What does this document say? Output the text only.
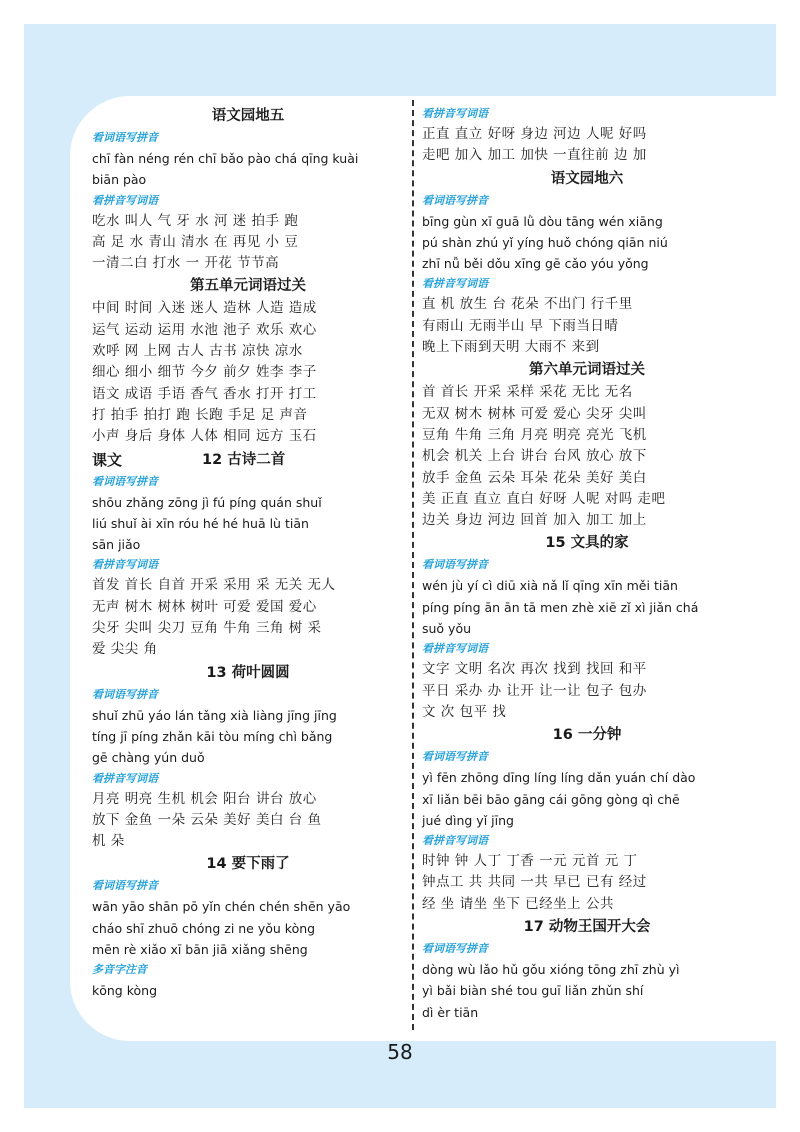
语文园地五
看词语写拼音
chī fàn néng rén chī bǎo pào chá qīng kuài
biān pào
看拼音写词语
吃水 叫人 气 牙 水 河 迷 拍手 跑
高 足 水 青山 清水 在 再见 小 豆
一清二白 打水 一 开花 节节高
第五单元词语过关
中间 时间 入迷 迷人 造林 人造 造成
运气 运动 运用 水池 池子 欢乐 欢心
欢呼 网 上网 古人 古书 凉快 凉水
细心 细小 细节 今夕 前夕 姓李 李子
语文 成语 手语 香气 香水 打开 打工
打 拍手 拍打 跑 长跑 手足 足 声音
小声 身后 身体 人体 相同 远方 玉石
课文	12 古诗二首
看词语写拼音
shōu zhǎng zōng jì fú píng quán shuǐ
liú shuǐ ài xīn róu hé hé huā lù tiān
sān jiǎo
看拼音写词语
首发 首长 自首 开采 采用 采 无关 无人
无声 树木 树林 树叶 可爱 爱国 爱心
尖牙 尖叫 尖刀 豆角 牛角 三角 树 采
爱 尖尖 角
13 荷叶圆圆
看词语写拼音
shuǐ zhū yáo lán tǎng xià liàng jīng jīng
tíng jī píng zhǎn kāi tòu míng chì bǎng
gē chàng yún duǒ
看拼音写词语
月亮 明亮 生机 机会 阳台 讲台 放心
放下 金鱼 一朵 云朵 美好 美白 台 鱼
机 朵
14 要下雨了
看词语写拼音
wān yāo shān pō yǐn chén chén shēn yāo
cháo shī zhuō chóng zi ne yǒu kòng
mēn rè xiǎo xī bān jiā xiǎng shēng
多音字注音
kōng kòng
看拼音写词语
正直 直立 好呀 身边 河边 人呢 好吗
走吧 加入 加工 加快 一直往前 边 加
语文园地六
看词语写拼音
bīng gùn xī guā lǜ dòu tāng wén xiāng
pú shàn zhú yǐ yíng huǒ chóng qiān niú
zhī nǚ běi dǒu xīng gē cǎo yóu yǒng
看拼音写词语
直 机 放生 台 花朵 不出门 行千里
有雨山 无雨半山 早 下雨当日晴
晚上下雨到天明 大雨不 来到
第六单元词语过关
首 首长 开采 采样 采花 无比 无名
无双 树木 树林 可爱 爱心 尖牙 尖叫
豆角 牛角 三角 月亮 明亮 亮光 飞机
机会 机关 上台 讲台 台风 放心 放下
放手 金鱼 云朵 耳朵 花朵 美好 美白
美 正直 直立 直白 好呀 人呢 对吗 走吧
边关 身边 河边 回首 加入 加工 加上
15 文具的家
看词语写拼音
wén jù yí cì diū xià nǎ lǐ qīng xīn měi tiān
píng píng ān ān tā men zhè xiē zǐ xì jiǎn chá
suǒ yǒu
看拼音写词语
文字 文明 名次 再次 找到 找回 和平
平日 采办 办 让开 让一让 包子 包办
文 次 包平 找
16 一分钟
看词语写拼音
yì fēn zhōng dīng líng líng dǎn yuán chí dào
xī liǎn bēi bāo gāng cái gōng gòng qì chē
jué dìng yǐ jīng
看拼音写词语
时钟 钟 人丁 丁香 一元 元首 元 丁
钟点工 共 共同 一共 早已 已有 经过
经 坐 请坐 坐下 已经坐上 公共
17 动物王国开大会
看词语写拼音
dòng wù lǎo hǔ gǒu xióng tōng zhī zhù yì
yì bǎi biàn shé tou guī liǎn zhǔn shí
dì èr tiān
58
